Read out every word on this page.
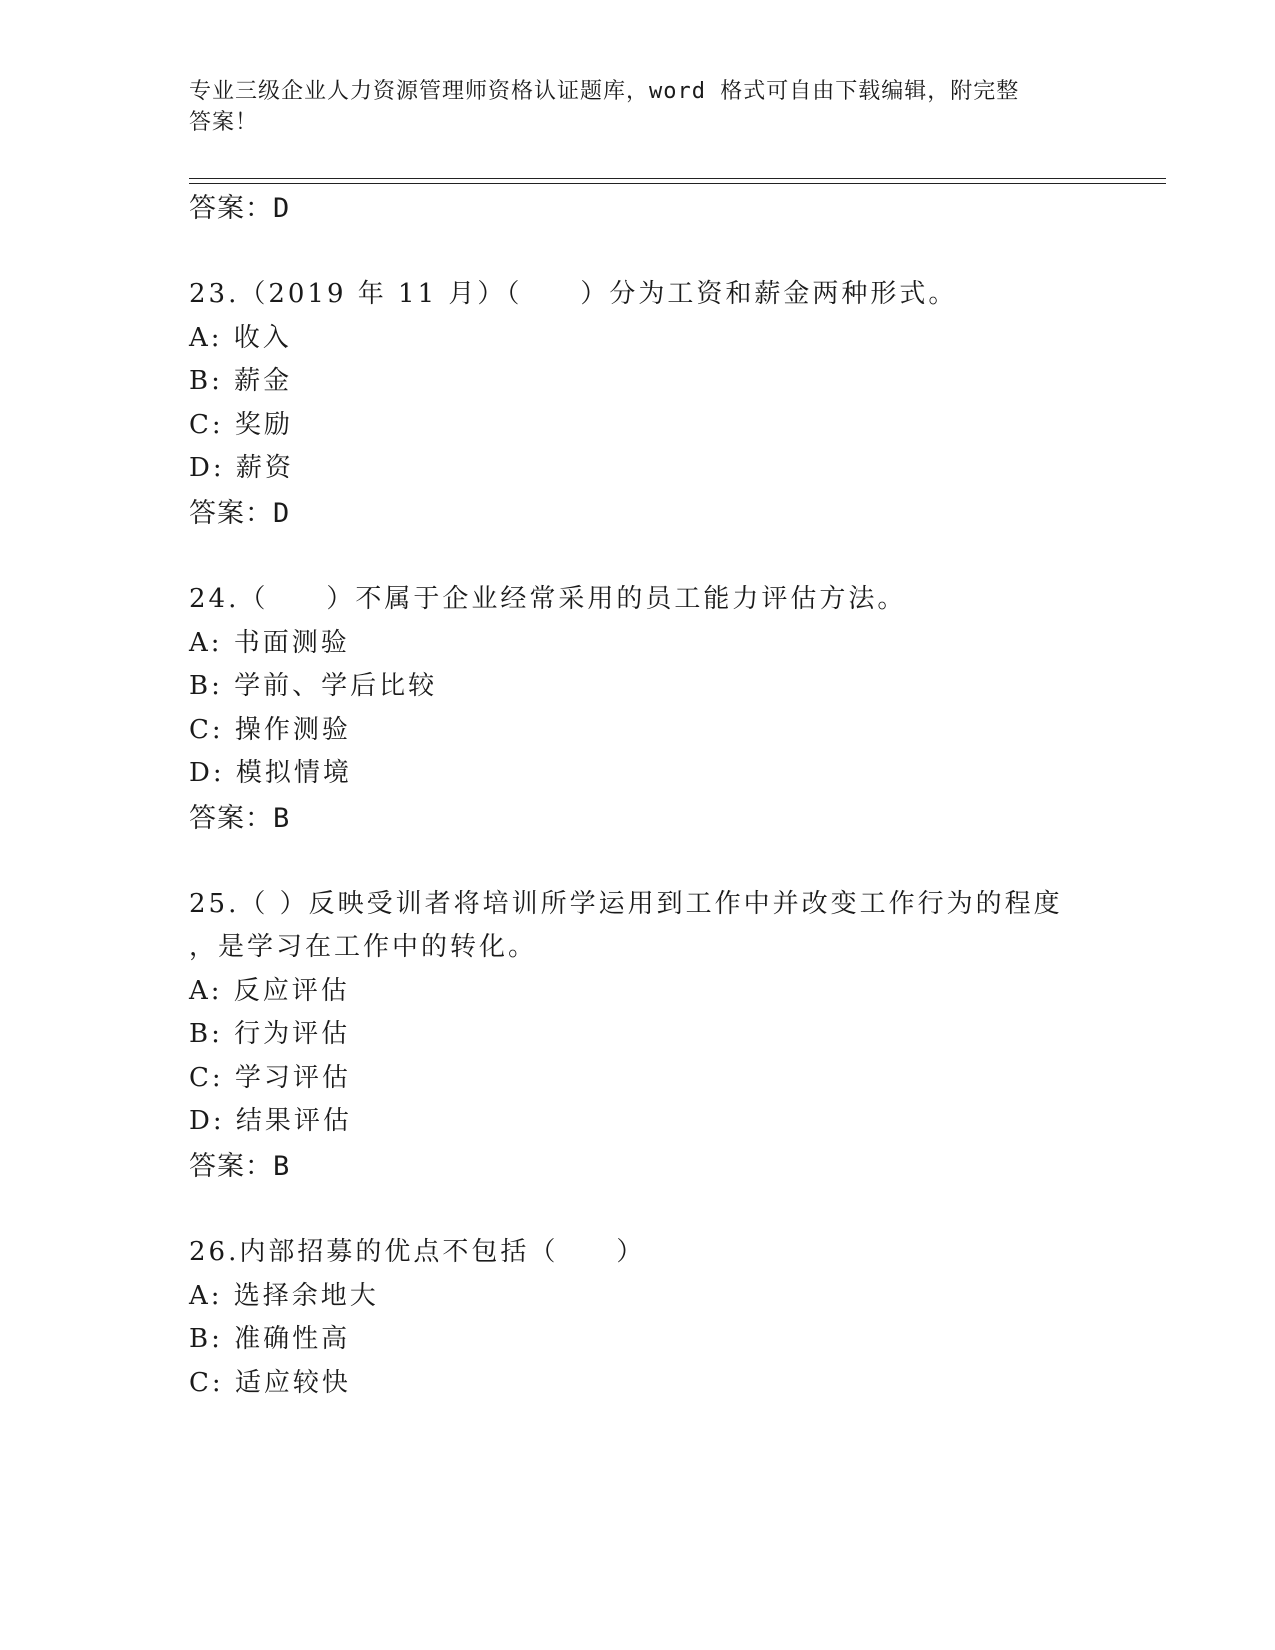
专业三级企业人力资源管理师资格认证题库，word 格式可自由下载编辑，附完整
答案！
答案：D
23.（2019 年 11 月）（　　）分为工资和薪金两种形式。
A: 收入
B: 薪金
C: 奖励
D: 薪资
答案：D
24.（　　）不属于企业经常采用的员工能力评估方法。
A: 书面测验
B: 学前、学后比较
C: 操作测验
D: 模拟情境
答案：B
25.（ ）反映受训者将培训所学运用到工作中并改变工作行为的程度
，是学习在工作中的转化。
A: 反应评估
B: 行为评估
C: 学习评估
D: 结果评估
答案：B
26.内部招募的优点不包括（　　）
A: 选择余地大
B: 准确性高
C: 适应较快
